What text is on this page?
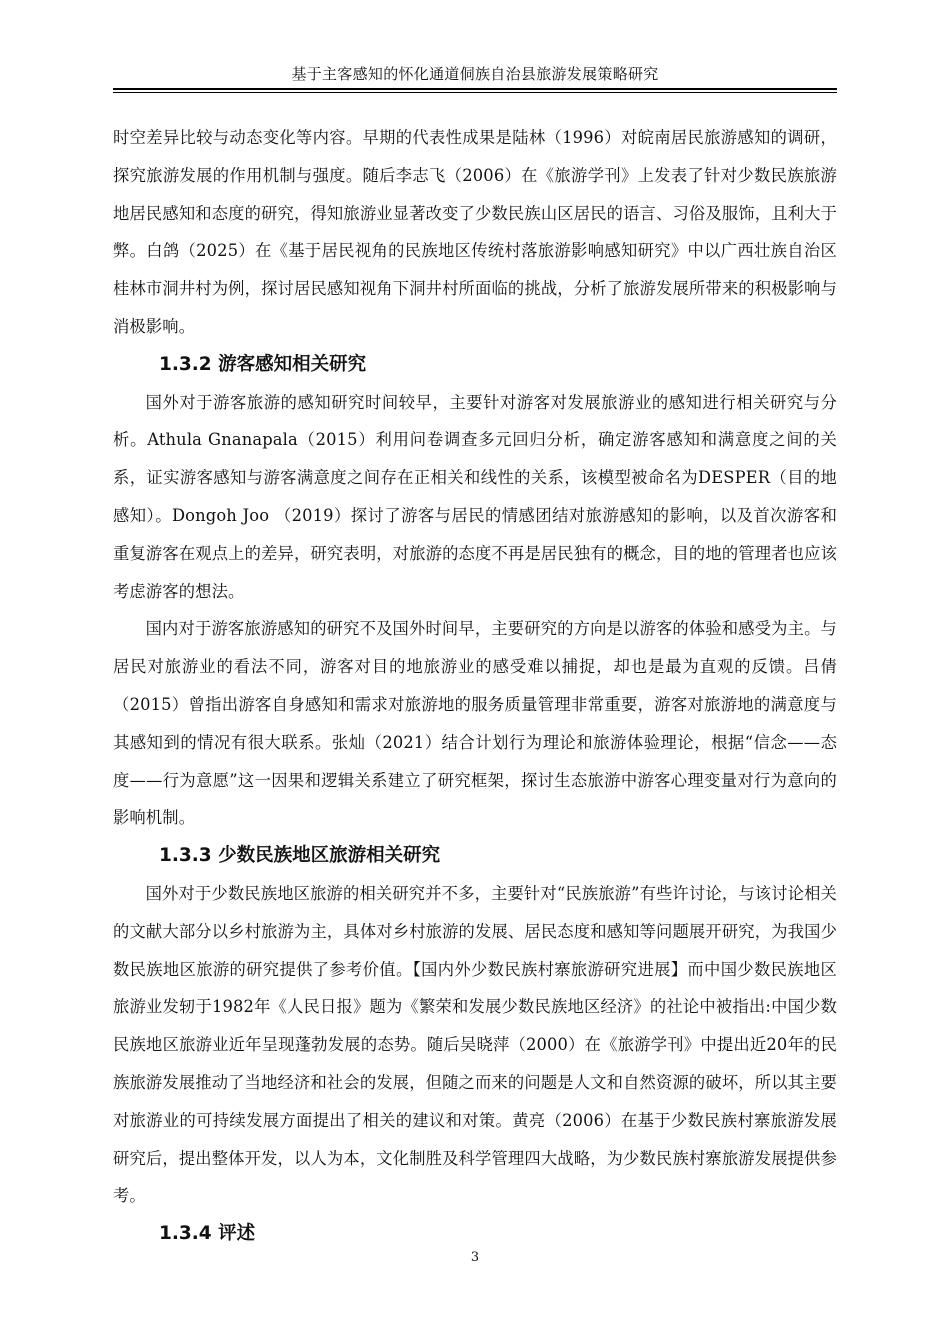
基于主客感知的怀化通道侗族自治县旅游发展策略研究

时空差异比较与动态变化等内容。早期的代表性成果是陆林（1996）对皖南居民旅游感知的调研，探究旅游发展的作用机制与强度。随后李志飞（2006）在《旅游学刊》上发表了针对少数民族旅游地居民感知和态度的研究，得知旅游业显著改变了少数民族山区居民的语言、习俗及服饰，且利大于弊。白鸽（2025）在《基于居民视角的民族地区传统村落旅游影响感知研究》中以广西壮族自治区桂林市洞井村为例，探讨居民感知视角下洞井村所面临的挑战，分析了旅游发展所带来的积极影响与消极影响。

1.3.2 游客感知相关研究

国外对于游客旅游的感知研究时间较早，主要针对游客对发展旅游业的感知进行相关研究与分析。Athula Gnanapala（2015）利用问卷调查多元回归分析，确定游客感知和满意度之间的关系，证实游客感知与游客满意度之间存在正相关和线性的关系，该模型被命名为DESPER（目的地感知）。Dongoh Joo （2019）探讨了游客与居民的情感团结对旅游感知的影响，以及首次游客和重复游客在观点上的差异，研究表明，对旅游的态度不再是居民独有的概念，目的地的管理者也应该考虑游客的想法。

国内对于游客旅游感知的研究不及国外时间早，主要研究的方向是以游客的体验和感受为主。与居民对旅游业的看法不同，游客对目的地旅游业的感受难以捕捉，却也是最为直观的反馈。吕倩（2015）曾指出游客自身感知和需求对旅游地的服务质量管理非常重要，游客对旅游地的满意度与其感知到的情况有很大联系。张灿（2021）结合计划行为理论和旅游体验理论，根据“信念——态度——行为意愿”这一因果和逻辑关系建立了研究框架，探讨生态旅游中游客心理变量对行为意向的影响机制。

1.3.3 少数民族地区旅游相关研究

国外对于少数民族地区旅游的相关研究并不多，主要针对“民族旅游”有些许讨论，与该讨论相关的文献大部分以乡村旅游为主，具体对乡村旅游的发展、居民态度和感知等问题展开研究，为我国少数民族地区旅游的研究提供了参考价值。【国内外少数民族村寨旅游研究进展】而中国少数民族地区旅游业发轫于1982年《人民日报》题为《繁荣和发展少数民族地区经济》的社论中被指出:中国少数民族地区旅游业近年呈现蓬勃发展的态势。随后吴晓萍（2000）在《旅游学刊》中提出近20年的民族旅游发展推动了当地经济和社会的发展，但随之而来的问题是人文和自然资源的破坏，所以其主要对旅游业的可持续发展方面提出了相关的建议和对策。黄亮（2006）在基于少数民族村寨旅游发展研究后，提出整体开发，以人为本，文化制胜及科学管理四大战略，为少数民族村寨旅游发展提供参考。

1.3.4 评述
3
